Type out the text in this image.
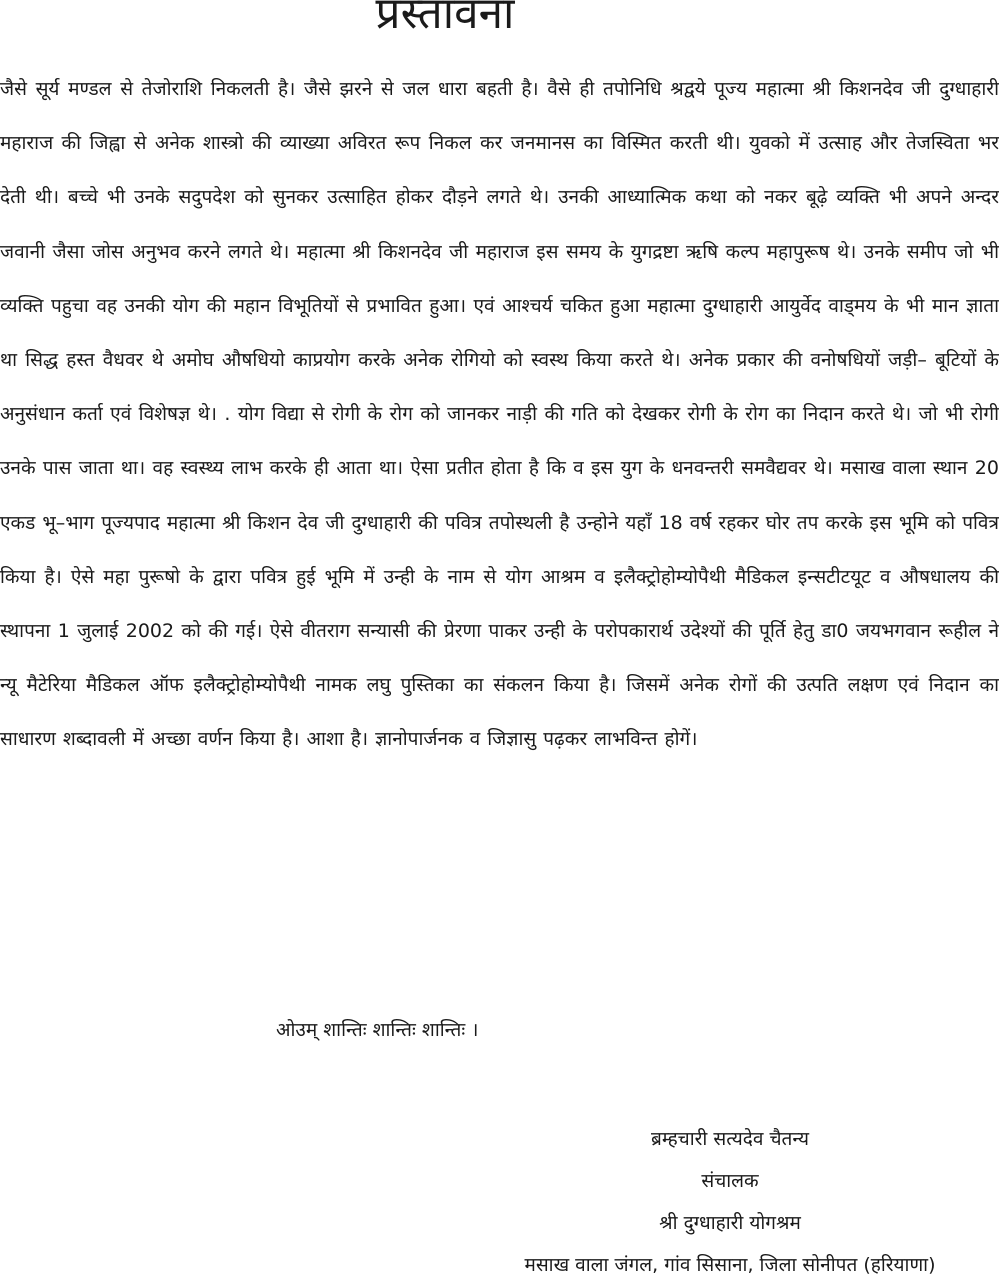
प्रस्तावना

जैसे सूर्य मण्डल से तेजोराशि निकलती है। जैसे झरने से जल धारा बहती है। वैसे ही तपोनिधि श्रद्वये पूज्य महात्मा श्री किशनदेव जी दुग्धाहारी महाराज की जिह्वा से अनेक शास्त्रो की व्याख्या अविरत रूप निकल कर जनमानस का विस्मित करती थी। युवको में उत्साह और तेजस्विता भर देती थी। बच्चे भी उनके सदुपदेश को सुनकर उत्साहित होकर दौड़ने लगते थे। उनकी आध्यात्मिक कथा को नकर बूढ़े व्यक्ति भी अपने अन्दर जवानी जैसा जोस अनुभव करने लगते थे। महात्मा श्री किशनदेव जी महाराज इस समय के युगद्रष्टा ऋषि कल्प महापुरूष थे। उनके समीप जो भी व्यक्ति पहुचा वह उनकी योग की महान विभूतियों से प्रभावित हुआ। एवं आश्चर्य चकित हुआ महात्मा दुग्धाहारी आयुर्वेद वाड्मय के भी मान ज्ञाता था सिद्ध हस्त वैधवर थे अमोघ औषधियो काप्रयोग करके अनेक रोगियो को स्वस्थ किया करते थे। अनेक प्रकार की वनोषधियों जड़ी– बूटियों के अनुसंधान कर्ता एवं विशेषज्ञ थे। . योग विद्या से रोगी के रोग को जानकर नाड़ी की गति को देखकर रोगी के रोग का निदान करते थे। जो भी रोगी उनके पास जाता था। वह स्वस्थ्य लाभ करके ही आता था। ऐसा प्रतीत होता है कि व इस युग के धनवन्तरी समवैद्यवर थे। मसाख वाला स्थान 20 एकड भू–भाग पूज्यपाद महात्मा श्री किशन देव जी दुग्धाहारी की पवित्र तपोस्थली है उन्होने यहाँ 18 वर्ष रहकर घोर तप करके इस भूमि को पवित्र किया है। ऐसे महा पुरूषो के द्वारा पवित्र हुई भूमि में उन्ही के नाम से योग आश्रम व इलैक्ट्रोहोम्योपैथी मैडिकल इन्सटीटयूट व औषधालय की स्थापना 1 जुलाई 2002 को की गई। ऐसे वीतराग सन्यासी की प्रेरणा पाकर उन्ही के परोपकारार्थ उदेश्यों की पूर्ति हेतु डा0 जयभगवान रूहील ने न्यू मैटेरिया मैडिकल ऑफ इलैक्ट्रोहोम्योपैथी नामक लघु पुस्तिका का संकलन किया है। जिसमें अनेक रोगों की उत्पति लक्षण एवं निदान का साधारण शब्दावली में अच्छा वर्णन किया है। आशा है। ज्ञानोपार्जनक व जिज्ञासु पढ़कर लाभविन्त होगें।

ओउम् शान्तिः शान्तिः शान्तिः ।
ब्रम्हचारी सत्यदेव चैतन्य
संचालक
श्री दुग्धाहारी योगश्रम
मसाख वाला जंगल, गांव सिसाना, जिला सोनीपत (हरियाणा)
